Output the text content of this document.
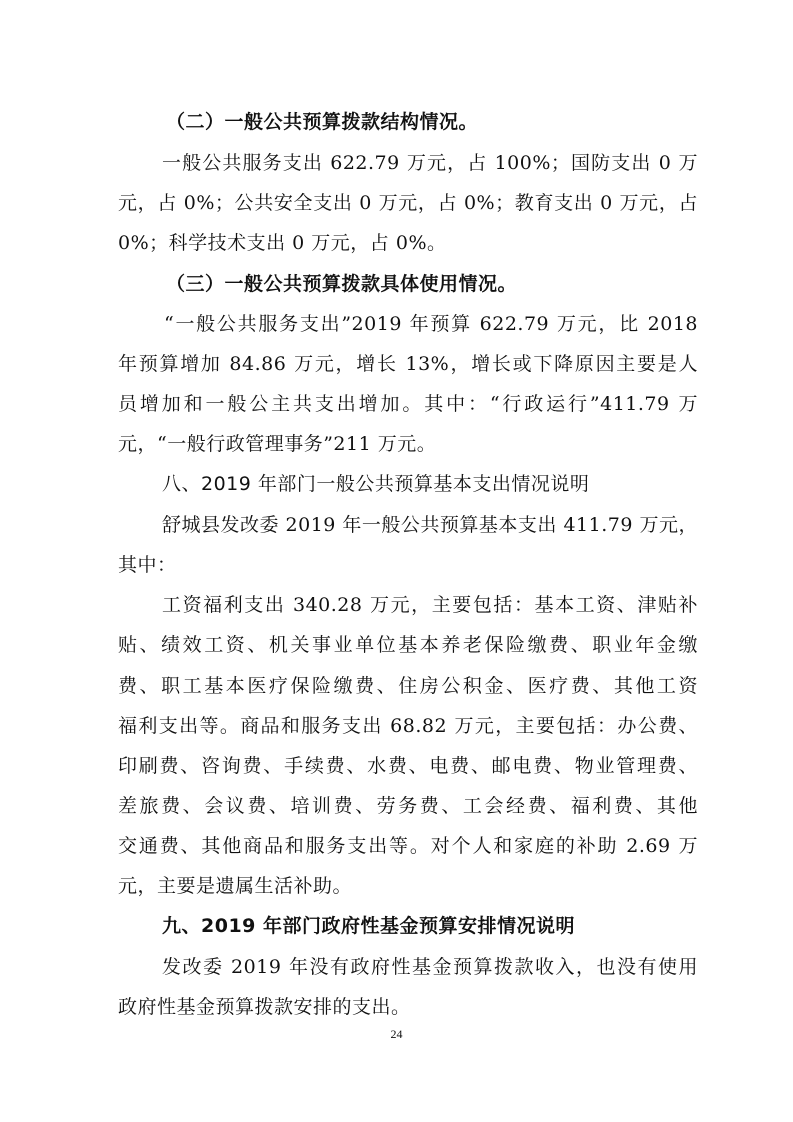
（二）一般公共预算拨款结构情况。
一般公共服务支出 622.79 万元，占 100%；国防支出 0 万
元，占 0%；公共安全支出 0 万元，占 0%；教育支出 0 万元，占
0%；科学技术支出 0 万元，占 0%。
（三）一般公共预算拨款具体使用情况。
“一般公共服务支出”2019 年预算 622.79 万元，比 2018
年预算增加 84.86 万元，增长 13%，增长或下降原因主要是人
员增加和一般公主共支出增加。其中：“行政运行”411.79 万
元，“一般行政管理事务”211 万元。
八、2019 年部门一般公共预算基本支出情况说明
舒城县发改委 2019 年一般公共预算基本支出 411.79 万元，
其中：
工资福利支出 340.28 万元，主要包括：基本工资、津贴补
贴、绩效工资、机关事业单位基本养老保险缴费、职业年金缴
费、职工基本医疗保险缴费、住房公积金、医疗费、其他工资
福利支出等。商品和服务支出 68.82 万元，主要包括：办公费、
印刷费、咨询费、手续费、水费、电费、邮电费、物业管理费、
差旅费、会议费、培训费、劳务费、工会经费、福利费、其他
交通费、其他商品和服务支出等。对个人和家庭的补助 2.69 万
元，主要是遗属生活补助。
九、2019 年部门政府性基金预算安排情况说明
发改委 2019 年没有政府性基金预算拨款收入，也没有使用
政府性基金预算拨款安排的支出。
24
